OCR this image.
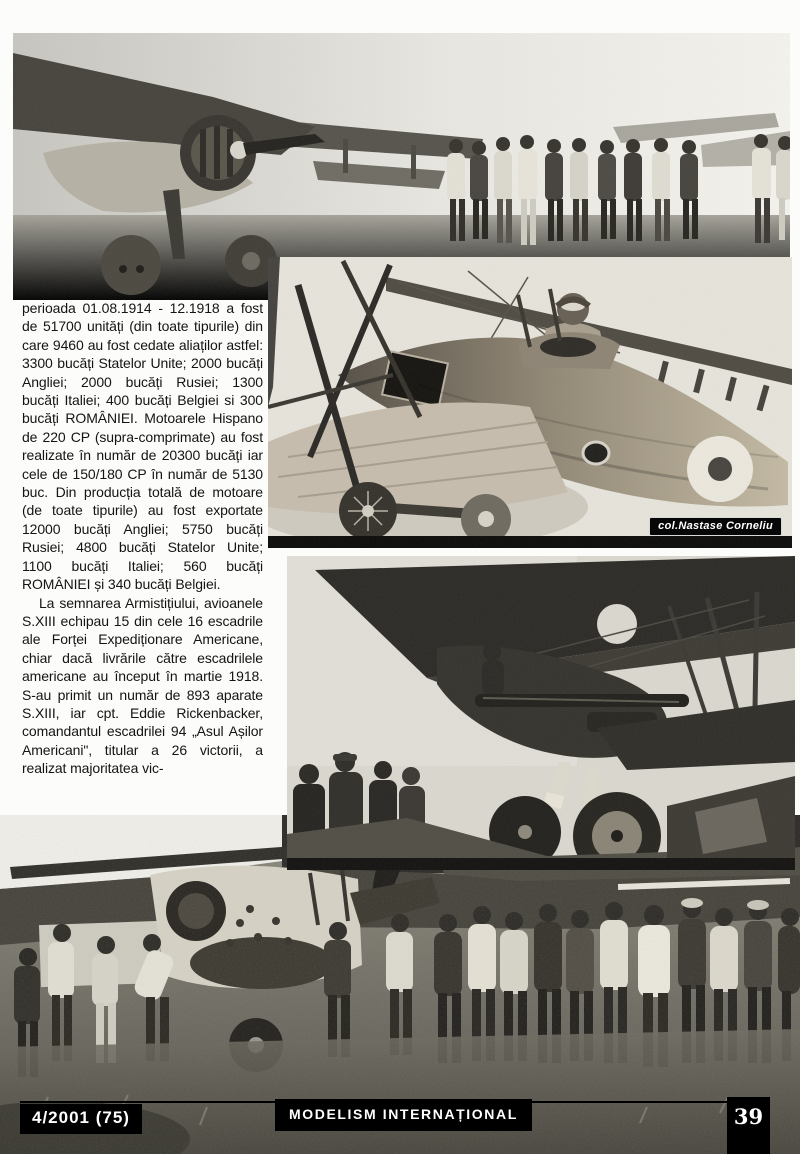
perioada 01.08.1914 - 12.1918 a fost de 51700 unități (din toate tipurile) din care 9460 au fost cedate aliaților astfel: 3300 bucăți Statelor Unite; 2000 bucăți Angliei; 2000 bucăți Rusiei; 1300 bucăți Italiei; 400 bucăți Belgiei si 300 bucăți ROMÂNIEI. Motoarele Hispano de 220 CP (supra-comprimate) au fost realizate în număr de 20300 bucăți iar cele de 150/180 CP în număr de 5130 buc. Din producția totală de motoare (de toate tipurile) au fost exportate 12000 bucăți Angliei; 5750 bucăți Rusiei; 4800 bucăți Statelor Unite; 1100 bucăți Italiei; 560 bucăți ROMÂNIEI și 340 bucăți Belgiei.

La semnarea Armistițiului, avioanele S.XIII echipau 15 din cele 16 escadrile ale Forței Expediționare Americane, chiar dacă livrările către escadrilele americane au început în martie 1918. S-au primit un număr de 893 aparate S.XIII, iar cpt. Eddie Rickenbacker, comandantul escadrilei 94 „Asul Așilor Americani", titular a 26 victorii, a realizat majoritatea vic-

col.Nastase Corneliu
4/2001 (75)	MODELISM INTERNAȚIONAL	39
